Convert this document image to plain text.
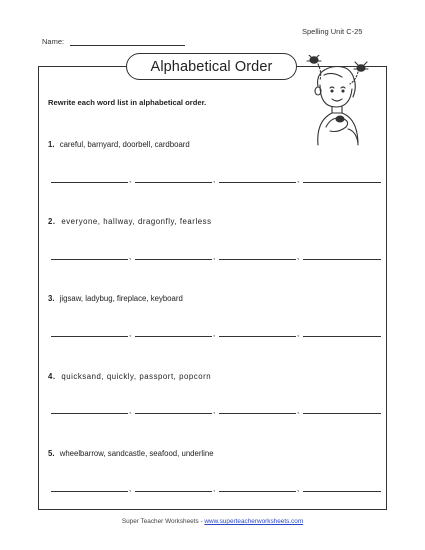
Spelling Unit C-25
Name:
Alphabetical Order
Rewrite each word list in alphabetical order.
1. careful, barnyard, doorbell, cardboard
,	,	,
2. everyone, hallway, dragonfly, fearless
,	,	,
3. jigsaw, ladybug, fireplace, keyboard
,	,	,
4. quicksand, quickly, passport, popcorn
,	,	,
5. wheelbarrow, sandcastle, seafood, underline
,	,	,
Super Teacher Worksheets - www.superteacherworksheets.com
